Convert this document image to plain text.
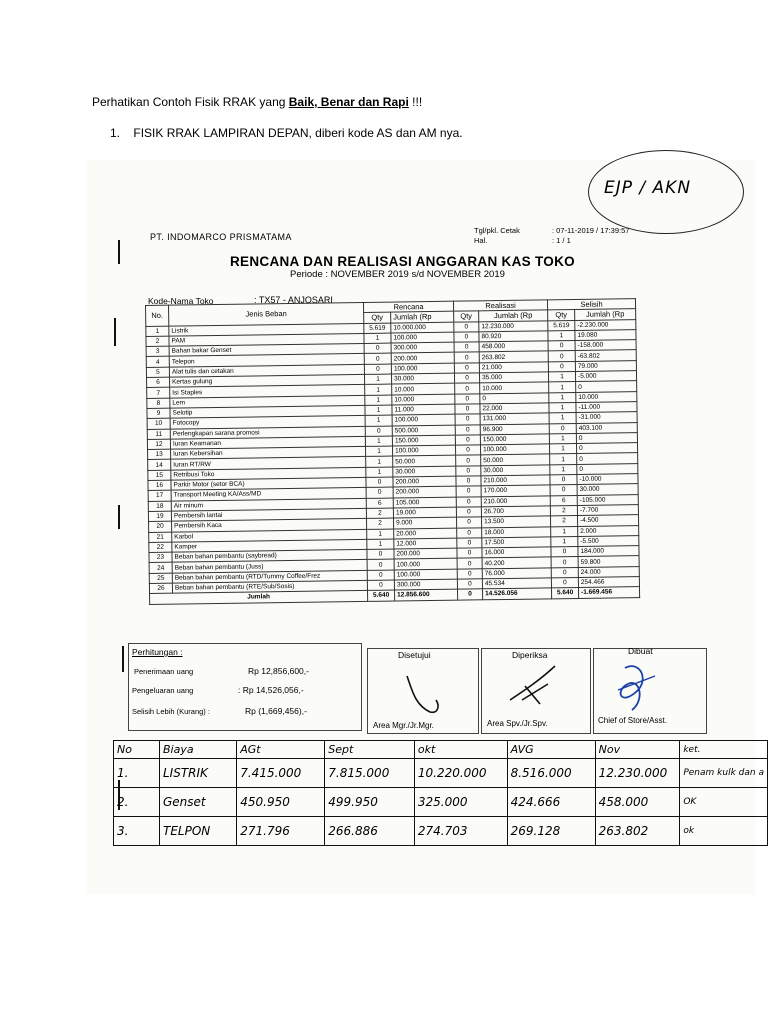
Perhatikan Contoh Fisik RRAK yang Baik, Benar dan Rapi !!!
1. FISIK RRAK LAMPIRAN DEPAN, diberi kode AS dan AM nya.
EJP / AKN
PT. INDOMARCO PRISMATAMA
Tgl/pkl. Cetak	: 07-11-2019 / 17:39:57
Hal.	: 1 / 1
RENCANA DAN REALISASI ANGGARAN KAS TOKO
Periode : NOVEMBER 2019 s/d NOVEMBER 2019
Kode-Nama Toko	: TX57 - ANJOSARI
No.	Jenis Beban	Rencana		Realisasi		Selisih	
		Qty	Jumlah (Rp	Qty	Jumlah (Rp	Qty	Jumlah (Rp
1	Listrik	5.619	10.000.000	0	12.230.000	5.619	-2.230.000
2	PAM	1	100.000	0	80.920	1	19.080
3	Bahan bakar Genset	0	300.000	0	458.000	0	-158.000
4	Telepon	0	200.000	0	263.802	0	-63.802
5	Alat tulis dan cetakan	0	100.000	0	21.000	0	79.000
6	Kertas gulung	1	30.000	0	35.000	1	-5.000
7	Isi Staples	1	10.000	0	10.000	1	0
8	Lem	1	10.000	0	0	1	10.000
9	Selotip	1	11.000	0	22.000	1	-11.000
10	Fotocopy	1	100.000	0	131.000	1	-31.000
11	Perlengkapan sarana promosi	0	500.000	0	96.900	0	403.100
12	Iuran Keamanan	1	150.000	0	150.000	1	0
13	Iuran Kebersihan	1	100.000	0	100.000	1	0
14	Iuran RT/RW	1	50.000	0	50.000	1	0
15	Retribusi Toko	1	30.000	0	30.000	1	0
16	Parkir Motor (setor BCA)	0	200.000	0	210.000	0	-10.000
17	Transport Meeting KA/Ass/MD	0	200.000	0	170.000	0	30.000
18	Air minum	6	105.000	0	210.000	6	-105.000
19	Pembersih lantai	2	19.000	0	26.700	2	-7.700
20	Pembersih Kaca	2	9.000	0	13.500	2	-4.500
21	Karbol	1	20.000	0	18.000	1	2.000
22	Kamper	1	12.000	0	17.500	1	-5.500
23	Beban bahan pembantu (saybread)	0	200.000	0	16.000	0	184.000
24	Beban bahan pembantu (Juss)	0	100.000	0	40.200	0	59.800
25	Beban bahan pembantu (RTD/Tummy Coffee/Frez	0	100.000	0	76.000	0	24.000
26	Beban bahan pembantu (RTE/Sub/Sosis)	0	300.000	0	45.534	0	254.466
Jumlah		5.640	12.856.600	0	14.526.056	5.640	-1.669.456
Perhitungan :
Penerimaan uang	Rp 12,856,600,-
Pengeluaran uang	: Rp 14,526,056,-
Selisih Lebih (Kurang) :	Rp (1,669,456),-
Disetujui	Diperiksa	Dibuat
Area Mgr./Jr.Mgr.	Area Spv./Jr.Spv.	Chief of Store/Asst.
No	Biaya	AGt	Sept	okt	AVG	Nov	ket.
1.	LISTRIK	7.415.000	7.815.000	10.220.000	8.516.000	12.230.000	Penam kulk dan a
2.	Genset	450.950	499.950	325.000	424.666	458.000	OK
3.	TELPON	271.796	266.886	274.703	269.128	263.802	ok
